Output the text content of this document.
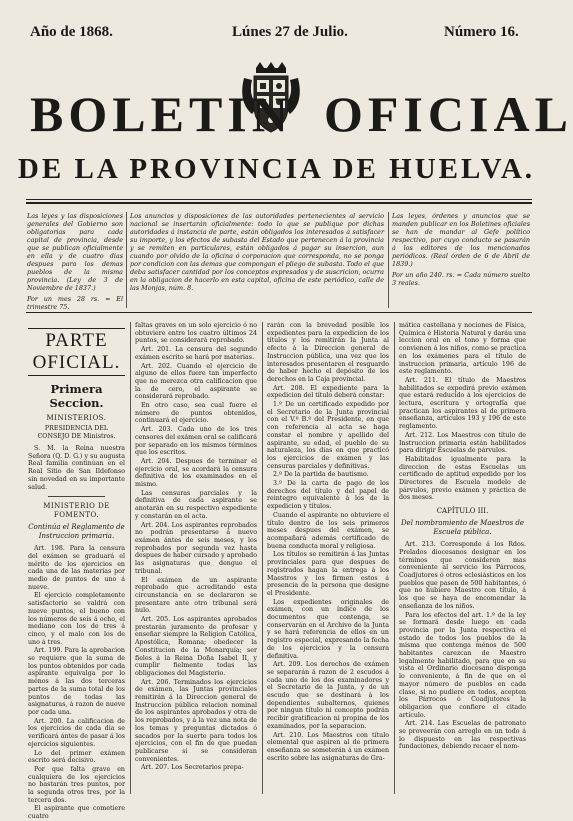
Año de 1868.	Lúnes 27 de Julio.	Número 16.
BOLETIN OFICIAL
DE LA PROVINCIA DE HUELVA.
Las leyes y las disposiciones generales del Gobierno son obligatorias para cada capital de provincia, desde que se publican oficialmente en ella y de cuatro dias despues para los demas pueblos de la misma provincia. (Ley de 3 de Noviembre de 1837.)
Por un mes 28 rs. = El trimestre 75.
Los anuncios y disposiciones de las autoridades pertenecientes al servicio nacional se insertarán oficialmente: todo lo que se publique por dichas autoridades á instancia de parte, están obligados los interesados á satisfacer su importe, y los efectos de subasta del Estado que pertenecen á la provincia y se remiten en particulares, están obligados á pagar su insercion, aun cuando por olvido de la oficina ó corporacion que corresponda, no se ponga por condicion con las demas que compongan el pliego de subasta. Todo el que deba satisfacer cantidad por los conceptos expresados y de suscricion, ocurra en la obligacion de hacerlo en esta capital, oficina de este periódico, calle de las Monjas, núm. 8.
Las leyes, órdenes y anuncios que se manden publicar en los Boletines oficiales se han de mandar al Gefe político respectivo, por cuyo conducto se pasarán á los editores de los mencionados periódicos. (Real órden de 6 de Abril de 1839.)
Por un año 240. rs. = Cada número suelto 3 reales.
PARTE OFICIAL.
Primera Seccion.
MINISTERIOS.
PRESIDENCIA DEL CONSEJO DE Ministros.

S. M. la Reina nuestra Señora (Q. D. G.) y su augusta Real familia continúan en el Real Sitio de San Ildefonso sin novedad en su importante salud.

MINISTERIO DE FOMENTO.
Continúa el Reglamento de Instruccion primaria.

Art. 198. Para la censura del exámen se graduará el mérito de los ejercicios en cada una de las materias por medio de puntos de uno á nueve.

El ejercicio completamente satisfactorio se valdrá con nueve puntos, el bueno con los números de seis á ocho, el mediano con los de tres á cinco, y el malo con los de uno á tres.

Art. 199. Para la aprobacion se requiere que la suma de los puntos obtenidos por cada aspirante equivalga por lo ménos á las dos terceras partes de la suma total de los puntos de todas las asignaturas, á razon de nueve por cada una.

Art. 200. La calificacion de los ejercicios de cada dia se verificará ántes de pasar á los ejercicios siguientes.

Lo del primer exámen escrito será decisivo.

Por que falta grave en cualquiera de los ejercicios no bastarán tres puntos, por la segunda otros tres, por la tercera dos.

El aspirante que cometiere cuatro

faltas graves en un solo ejercicio ó no obtuviere entre los cuatro últimos 24 puntos, se considerará reprobado.

Art. 201. La censura del segundo exámen escrito se hará por materias.

Art. 202. Cuando el ejercicio de alguno de ellos fuere tan imperfecto que no merezca otra calificacion que la de cero, el aspirante se considerará reprobado.

En otro caso, sea cual fuere el número de puntos obtenidos, continuará el ejercicio.

Art. 203. Cada uno de los tres censores del exámen oral se calificará por separado en los mismos términos que los escritos.

Art. 204. Despues de terminar el ejercicio oral, se acordará la censura definitiva de los examinados en el mismo.

Las censuras parciales y la definitiva de cada aspirante se anotarán en su respectivo expediente y constarán en el acta.

Art. 204. Los aspirantes reprobados no podrán presentarse á nuevo exámen ántes de seis meses, y los reprobados por segunda vez hasta despues de haber cursado y aprobado las asignaturas que dengue el tribunal.

El exámen de un aspirante reprobado que acreditando esta circunstancia en se declararon se presentare ante otro tribunal será nulo.

Art. 205. Los aspirantes aprobados prestarán juramento de profesar y enseñar siempre la Religion Católica, Apostólica, Romana; obedecer la Constitucion de la Monarquía; ser fieles á la Reina Doña Isabel II, y cumplir fielmente todas las obligaciones del Magisterio.

Art. 206. Terminados los ejercicios de exámen, las Juntas provinciales remitirán á la Direccion general de Instruccion pública relacion nominal de los aspirantes aprobados y otra de los reprobados, y á la vez una nota de los temas y preguntas dictados ó sacados por la suerte para todos los ejercicios, con el fin de que puedan publicarse si se consideran convenientes.

Art. 207. Los Secretarios prepa-

rarán con la brevedad posible los expedientes para la expedicion de los títulos y los remitirán la Junta al efecto á la Direccion general de Instruccion pública, una vez que los interesados presentaren el resguardo de haber hecho el depósito de los derechos en la Caja provincial.

Art. 208. El expediente para la expedicion del título deberá constar:

1.º De un certificado expedido por el Secretario de la Junta provincial con el V.º B.º del Presidente, en que con referencia al acta se haga constar el nombre y apellido del aspirante, su edad, el pueblo de su naturaleza, los dias en que practicó los ejercicios de exámen y las censuras parciales y definitivas.

2.º De la partida de bautismo.

3.º De la carta de pago de los derechos del título y del papel de reintegro equivalente á los de la expedicion y títulos.

Cuando el aspirante no obtuviere el título dentro de los seis primeros meses despues del exámen, se acompañará además certificado de buena conducta moral y religiosa.

Los títulos se remitirán á las Juntas provinciales para que despues de registrados hagan la entrega á los Maestros y los firmen estos á presencia de la persona que designe el Presidente.

Los expedientes originales de exámen, con un índice de los documentos que contenga, se conservarán en el Archivo de la Junta y se hará referencia de ellos en un registro especial, expresando la fecha de los ejercicios y la censura definitiva.

Art. 209. Los derechos de exámen se separarán á razon de 2 escudos á cada uno de los dos examinadores y el Secretario de la Junta, y de un escudo que se destinará á los dependientes subalternos, quienes por ningun título ni concepto podrán recibir gratificacion ni propina de los examinados, por la separacion.

Art. 210. Los Maestros con título elemental que aspiren al de primera enseñanza se someterán á un exámen escrito sobre las asignaturas de Gra-

mática castellana y nociones de Física, Química é Historia Natural y daráu una leccion oral en el tono y forma que convienen á los niños, como se practica en los exámenes para el título de instruccion primaria, artículo 196 de este reglamento.

Art. 211. El título de Maestros habilitados se expedirá previo exámen que estará reducido á los ejercicios de lectura, escritura y ortografía que practican los aspirantes al de primera enseñanza, artículos 193 y 196 de este reglamento.

Art. 212. Los Maestros con título de Instruccion primaria están habilitados para dirigir Escuelas de párvulos.

Habilitados igualmente para la direccion de estas Escuelas un certificado de aptitud expedido por los Directores de Escuela modelo de párvulos, previo exámen y práctica de dos meses.

CAPÍTULO III.
Del nombramiento de Maestros de Escuela pública.

Art. 213. Corresponde á los Rdos. Prelados diocesanos designar en los términos que consideren mas conveniente al servicio los Párrocos, Coadjutores ó otros eclesiásticos en los pueblos que pasen de 500 habitantes, ó que no hubiere Maestro con título, á los que se haya de encomendar la enseñanza de los niños.

Para los efectos del art. 1.º de la ley se formará desde luego en cada provincia por la Junta respectiva el estado de todos los pueblos de la misma que contenga ménos de 500 habitantes carezcan de Maestro legalmente habilitado, para que en su vista el Ordinario diocesano disponga lo conveniente, á fin de que en el mayor número de pueblos en cada clase, si no pudiere en todos, acepten los Párrocos ó Coadjutores la obligacion que confiere el citado artículo.

Art. 214. Las Escuelas de patronato se proveerán con arreglo en un todo á lo dispuesto en las respectivas fundaciones, debiendo recaer el nom-
